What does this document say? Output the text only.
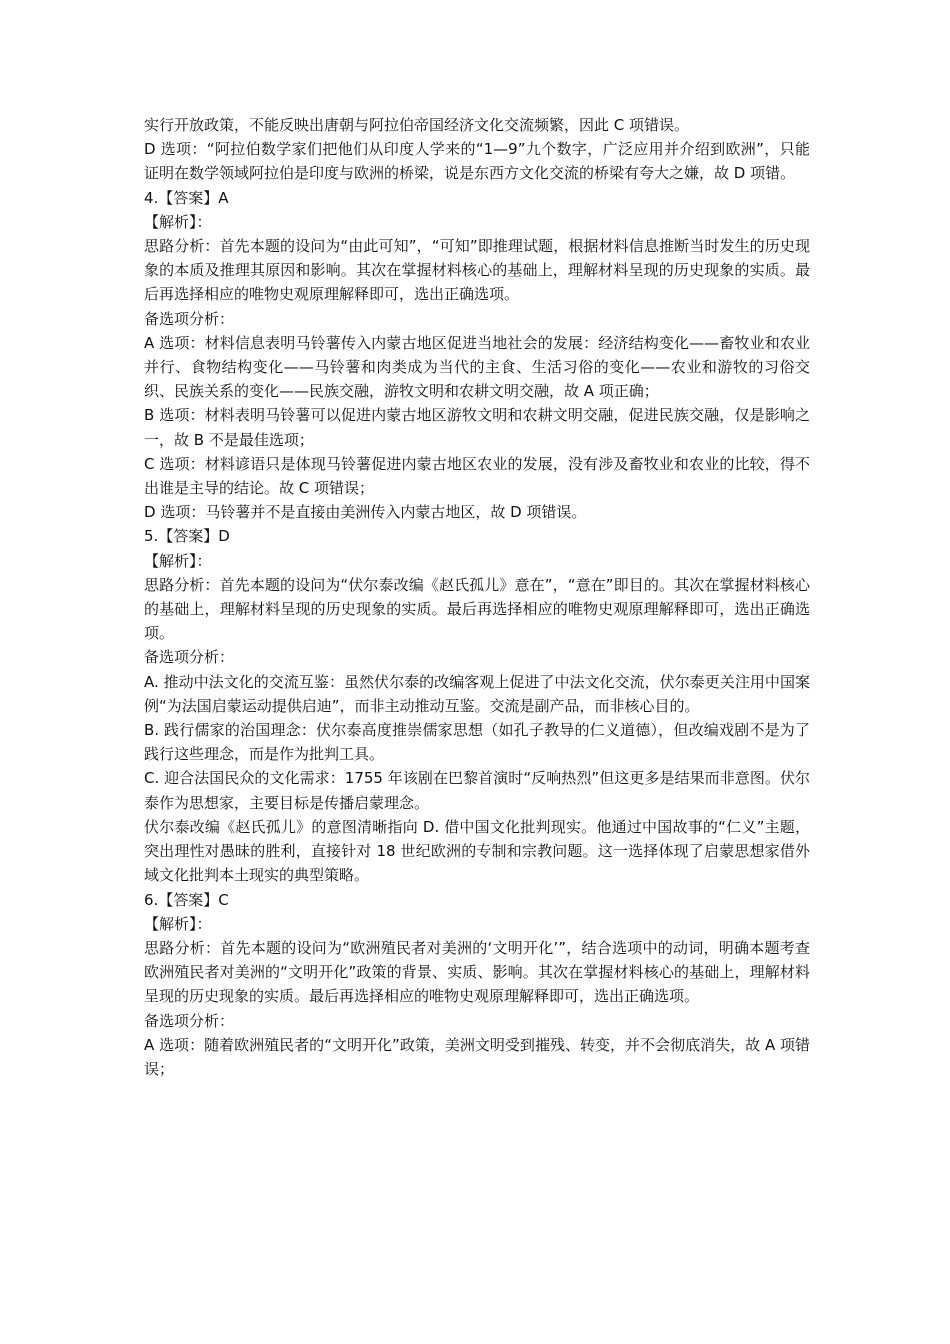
实行开放政策，不能反映出唐朝与阿拉伯帝国经济文化交流频繁，因此 C 项错误。

D 选项：“阿拉伯数学家们把他们从印度人学来的“1—9”九个数字，广泛应用并介绍到欧洲”，只能证明在数学领域阿拉伯是印度与欧洲的桥梁，说是东西方文化交流的桥梁有夸大之嫌，故 D 项错。

4.【答案】A

【解析】：

思路分析：首先本题的设问为“由此可知”，“可知”即推理试题，根据材料信息推断当时发生的历史现象的本质及推理其原因和影响。其次在掌握材料核心的基础上，理解材料呈现的历史现象的实质。最后再选择相应的唯物史观原理解释即可，选出正确选项。

备选项分析：

A 选项：材料信息表明马铃薯传入内蒙古地区促进当地社会的发展：经济结构变化——畜牧业和农业并行、食物结构变化——马铃薯和肉类成为当代的主食、生活习俗的变化——农业和游牧的习俗交织、民族关系的变化——民族交融，游牧文明和农耕文明交融，故 A 项正确；

B 选项：材料表明马铃薯可以促进内蒙古地区游牧文明和农耕文明交融，促进民族交融，仅是影响之一，故 B 不是最佳选项；

C 选项：材料谚语只是体现马铃薯促进内蒙古地区农业的发展，没有涉及畜牧业和农业的比较，得不出谁是主导的结论。故 C 项错误；

D 选项：马铃薯并不是直接由美洲传入内蒙古地区，故 D 项错误。

5.【答案】D

【解析】：

思路分析：首先本题的设问为“伏尔泰改编《赵氏孤儿》意在”，“意在”即目的。其次在掌握材料核心的基础上，理解材料呈现的历史现象的实质。最后再选择相应的唯物史观原理解释即可，选出正确选项。

备选项分析：

A. 推动中法文化的交流互鉴：虽然伏尔泰的改编客观上促进了中法文化交流，伏尔泰更关注用中国案例“为法国启蒙运动提供启迪”，而非主动推动互鉴。交流是副产品，而非核心目的。

B. 践行儒家的治国理念：伏尔泰高度推崇儒家思想（如孔子教导的仁义道德），但改编戏剧不是为了践行这些理念，而是作为批判工具。

C. 迎合法国民众的文化需求：1755 年该剧在巴黎首演时“反响热烈”但这更多是结果而非意图。伏尔泰作为思想家，主要目标是传播启蒙理念。

伏尔泰改编《赵氏孤儿》的意图清晰指向 D. 借中国文化批判现实。他通过中国故事的“仁义”主题，突出理性对愚昧的胜利，直接针对 18 世纪欧洲的专制和宗教问题。这一选择体现了启蒙思想家借外域文化批判本土现实的典型策略。

6.【答案】C

【解析】：

思路分析：首先本题的设问为“欧洲殖民者对美洲的‘文明开化’”，结合选项中的动词，明确本题考查欧洲殖民者对美洲的“文明开化”政策的背景、实质、影响。其次在掌握材料核心的基础上，理解材料呈现的历史现象的实质。最后再选择相应的唯物史观原理解释即可，选出正确选项。

备选项分析：

A 选项：随着欧洲殖民者的“文明开化”政策，美洲文明受到摧残、转变，并不会彻底消失，故 A 项错误；
